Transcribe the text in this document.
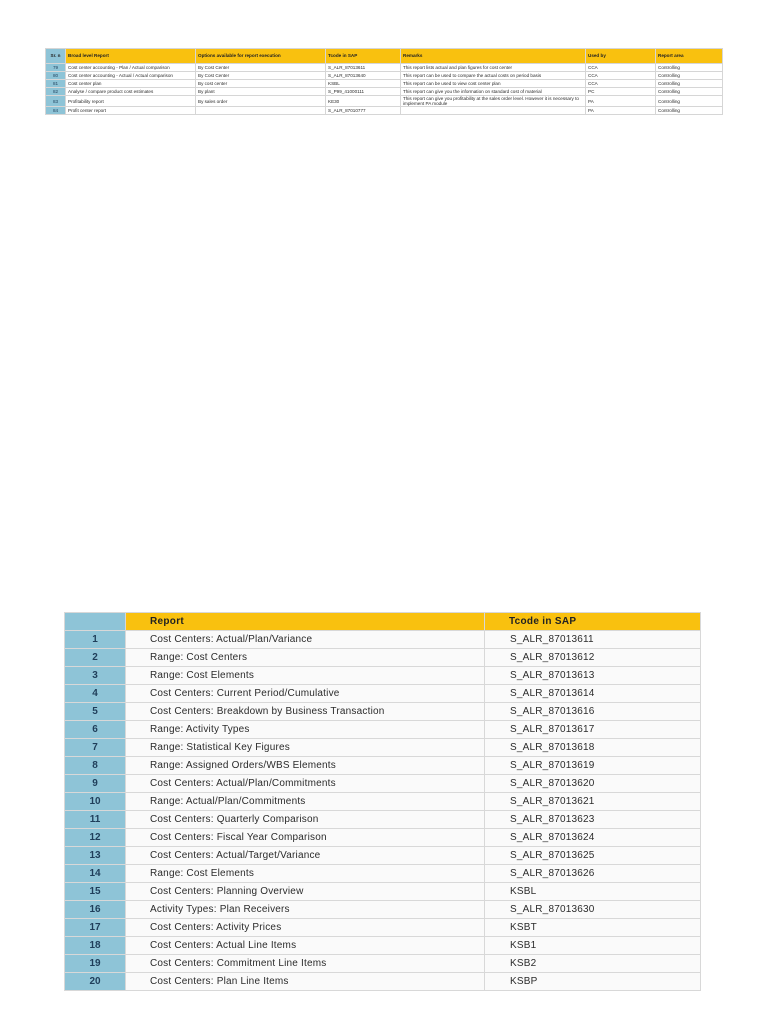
Sr. n	Broad level Report	Options available for report execution	Tcode in SAP	Remarks	Used by	Report area
79	Cost center accounting - Plan / Actual comparison	By Cost Center	S_ALR_87013611	This report lists actual and plan figures for cost center	CCA	Controlling
80	Cost center accounting - Actual / Actual comparison	By Cost Center	S_ALR_87013640	This report can be used to compare the actual costs on period basis	CCA	Controlling
81	Cost center plan	By cost center	KSBL	This report can be used to view cost center plan	CCA	Controlling
82	Analyse / compare product cost estimates	By plant	S_P99_41000111	This report can give you the information on standard cost of material	PC	Controlling
83	Profitability report	By sales order	KE30	This report can give you profitability at the sales order level. However it is necessary to implement PA module	PA	Controlling
84	Profit center report		S_ALR_87010777		PA	Controlling
	Report	Tcode in SAP
1	Cost Centers: Actual/Plan/Variance	S_ALR_87013611
2	Range: Cost Centers	S_ALR_87013612
3	Range: Cost Elements	S_ALR_87013613
4	Cost Centers: Current Period/Cumulative	S_ALR_87013614
5	Cost Centers: Breakdown by Business Transaction	S_ALR_87013616
6	Range: Activity Types	S_ALR_87013617
7	Range: Statistical Key Figures	S_ALR_87013618
8	Range: Assigned Orders/WBS Elements	S_ALR_87013619
9	Cost Centers: Actual/Plan/Commitments	S_ALR_87013620
10	Range: Actual/Plan/Commitments	S_ALR_87013621
11	Cost Centers: Quarterly Comparison	S_ALR_87013623
12	Cost Centers: Fiscal Year Comparison	S_ALR_87013624
13	Cost Centers: Actual/Target/Variance	S_ALR_87013625
14	Range: Cost Elements	S_ALR_87013626
15	Cost Centers: Planning Overview	KSBL
16	Activity Types: Plan Receivers	S_ALR_87013630
17	Cost Centers: Activity Prices	KSBT
18	Cost Centers: Actual Line Items	KSB1
19	Cost Centers: Commitment Line Items	KSB2
20	Cost Centers: Plan Line Items	KSBP
